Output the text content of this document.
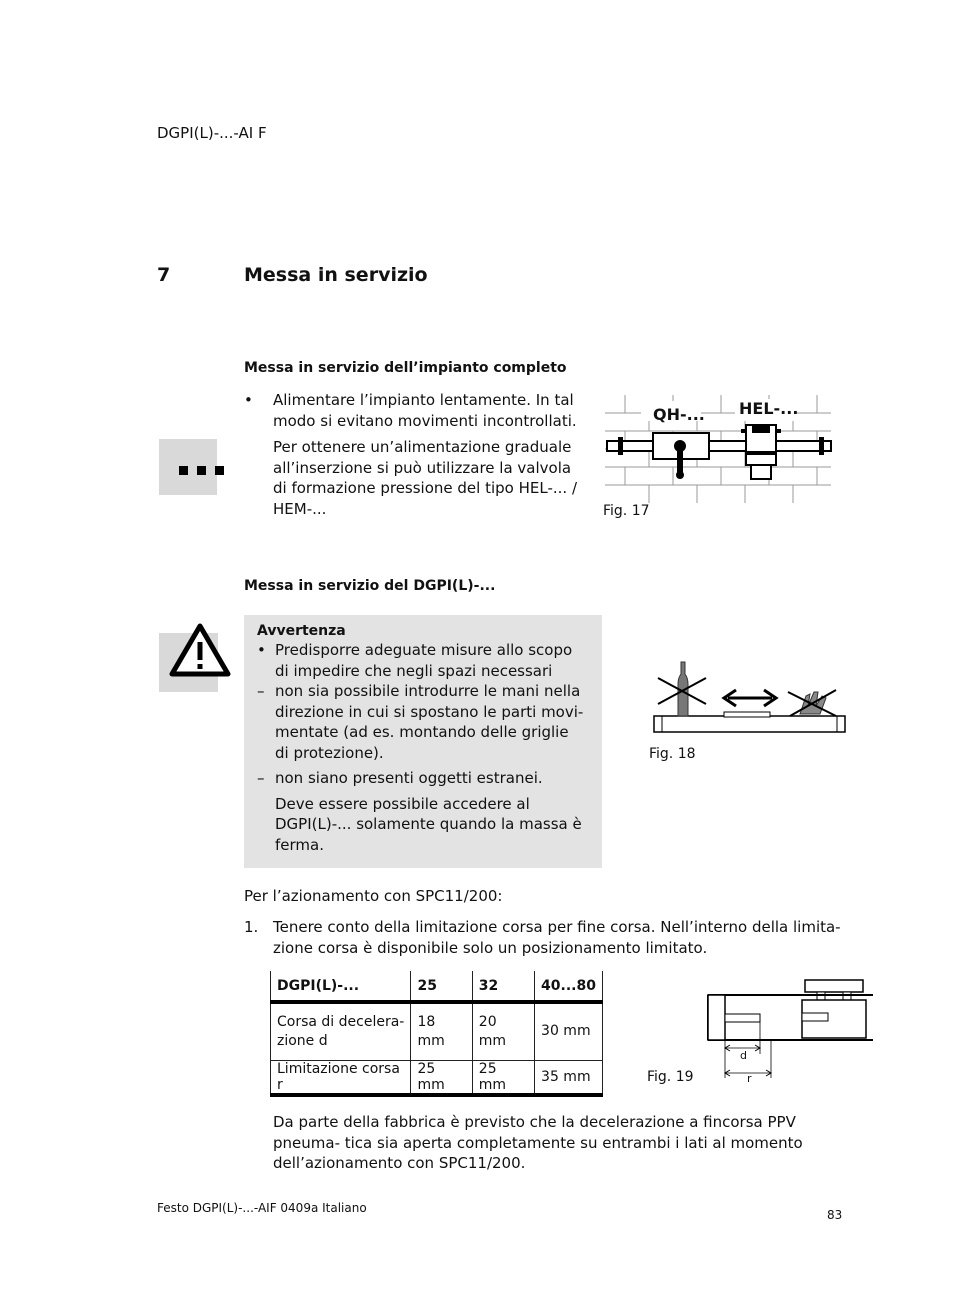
DGPI(L)-...-AI F
7	Messa in servizio
Messa in servizio dell’impianto completo
• Alimentare l’impianto lentamente. In tal modo si evitano movimenti incontrollati.
Per ottenere un’alimentazione graduale all’inserzione si può utilizzare la valvola di formazione pressione del tipo HEL-... / HEM-...
QH-... HEL-...
Fig. 17
Messa in servizio del DGPI(L)-...
Avvertenza
• Predisporre adeguate misure allo scopo di impedire che negli spazi necessari
– non sia possibile introdurre le mani nella direzione in cui si spostano le parti movi- mentate (ad es. montando delle griglie di protezione).
– non siano presenti oggetti estranei.
Deve essere possibile accedere al DGPI(L)-... solamente quando la massa è ferma.
Fig. 18
Per l’azionamento con SPC11/200:
1. Tenere conto della limitazione corsa per fine corsa. Nell’interno della limita- zione corsa è disponibile solo un posizionamento limitato.
DGPI(L)-...	25	32	40...80
Corsa di decelera- zione d	18 mm	20 mm	30 mm
Limitazione corsa r	25 mm	25 mm	35 mm
d
r
Fig. 19
Da parte della fabbrica è previsto che la decelerazione a fincorsa PPV pneuma- tica sia aperta completamente su entrambi i lati al momento dell’azionamento con SPC11/200.
Festo DGPI(L)-...-AIF 0409a Italiano	83
